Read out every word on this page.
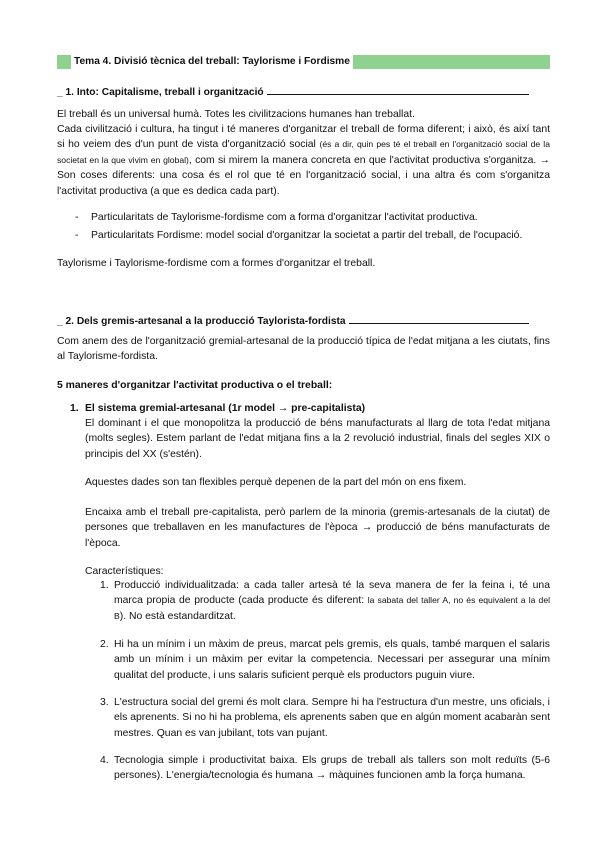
Tema 4. Divisió tècnica del treball: Taylorisme i Fordisme
_ 1. Into: Capitalisme, treball i organització
El treball és un universal humà. Totes les civilitzacions humanes han treballat.
Cada civilització i cultura, ha tingut i té maneres d'organitzar el treball de forma diferent; i això, és així tant si ho veiem des d'un punt de vista d'organització social (és a dir, quin pes té el treball en l'organització social de la societat en la que vivim en global), com si mirem la manera concreta en que l'activitat productiva s'organitza. → Son coses diferents: una cosa és el rol que té en l'organització social, i una altra és com s'organitza l'activitat productiva (a que es dedica cada part).
- Particularitats de Taylorisme-fordisme com a forma d'organitzar l'activitat productiva.
- Particularitats Fordisme: model social d'organitzar la societat a partir del treball, de l'ocupació.
Taylorisme i Taylorisme-fordisme com a formes d'organitzar el treball.
_ 2. Dels gremis-artesanal a la producció Taylorista-fordista
Com anem des de l'organització gremial-artesanal de la producció típica de l'edat mitjana a les ciutats, fins al Taylorisme-fordista.
5 maneres d'organitzar l'activitat productiva o el treball:
1. El sistema gremial-artesanal (1r model → pre-capitalista)
El dominant i el que monopolitza la producció de béns manufacturats al llarg de tota l'edat mitjana (molts segles). Estem parlant de l'edat mitjana fins a la 2 revolució industrial, finals del segles XIX o principis del XX (s'estén).
Aquestes dades son tan flexibles perquè depenen de la part del món on ens fixem.
Encaixa amb el treball pre-capitalista, però parlem de la minoria (gremis-artesanals de la ciutat) de persones que treballaven en les manufactures de l'època → producció de béns manufacturats de l'època.
Característiques:
1. Producció individualitzada: a cada taller artesà té la seva manera de fer la feina i, té una marca propia de producte (cada producte és diferent: la sabata del taller A, no és equivalent a la del B). No està estandarditzat.
2. Hi ha un mínim i un màxim de preus, marcat pels gremis, els quals, també marquen el salaris amb un mínim i un màxim per evitar la competencia. Necessari per assegurar una mínim qualitat del producte, i uns salaris suficient perquè els productors puguin viure.
3. L'estructura social del gremi és molt clara. Sempre hi ha l'estructura d'un mestre, uns oficials, i els aprenents. Si no hi ha problema, els aprenents saben que en algún moment acabaràn sent mestres. Quan es van jubilant, tots van pujant.
4. Tecnologia simple i productivitat baixa. Els grups de treball als tallers son molt reduïts (5-6 persones). L'energia/tecnologia és humana → màquines funcionen amb la força humana.
